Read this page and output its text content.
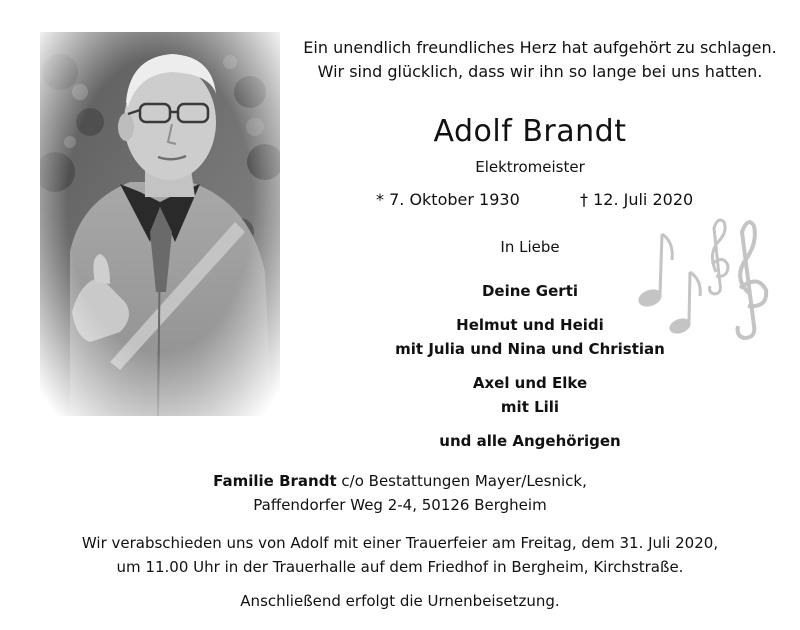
Ein unendlich freundliches Herz hat aufgehört zu schlagen.
Wir sind glücklich, dass wir ihn so lange bei uns hatten.
Adolf Brandt
Elektromeister
* 7. Oktober 1930	† 12. Juli 2020
In Liebe
Deine Gerti
Helmut und Heidi
mit Julia und Nina und Christian
Axel und Elke
mit Lili
und alle Angehörigen
Familie Brandt c/o Bestattungen Mayer/Lesnick,
Paffendorfer Weg 2-4, 50126 Bergheim
Wir verabschieden uns von Adolf mit einer Trauerfeier am Freitag, dem 31. Juli 2020,
um 11.00 Uhr in der Trauerhalle auf dem Friedhof in Bergheim, Kirchstraße.
Anschließend erfolgt die Urnenbeisetzung.
